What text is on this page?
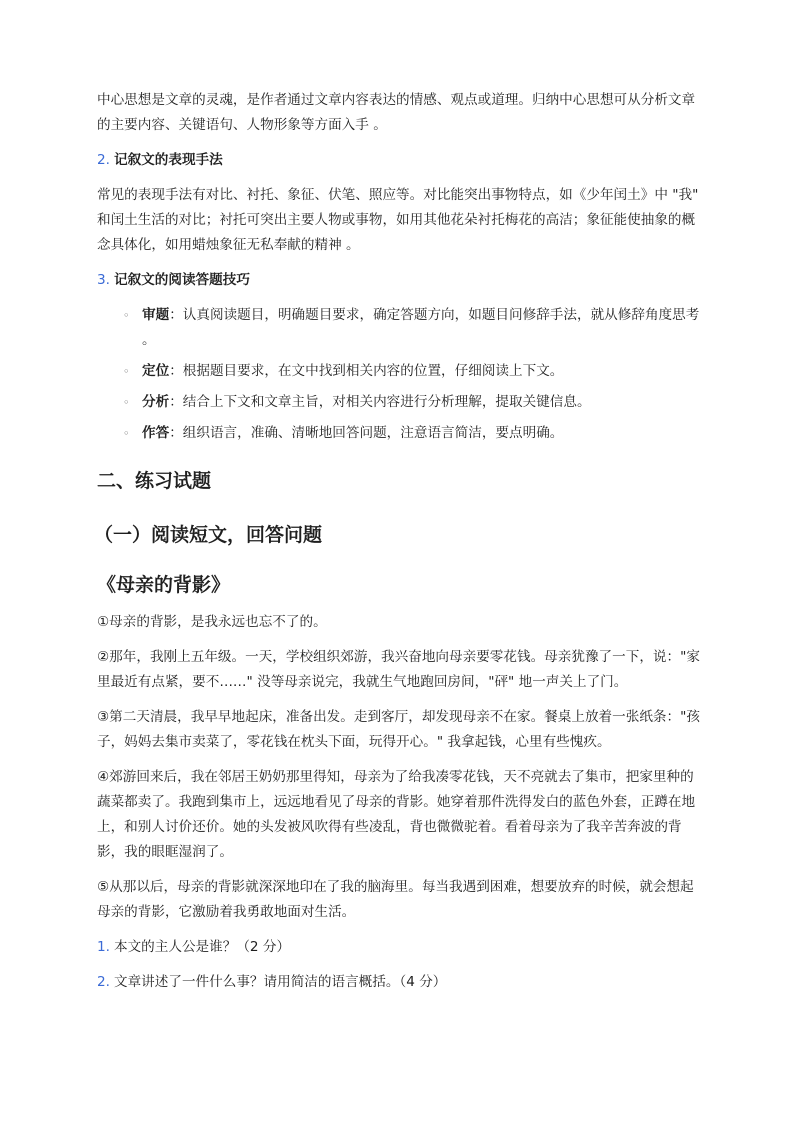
中心思想是文章的灵魂，是作者通过文章内容表达的情感、观点或道理。归纳中心思想可从分析文章的主要内容、关键语句、人物形象等方面入手 。

2. 记叙文的表现手法

常见的表现手法有对比、衬托、象征、伏笔、照应等。对比能突出事物特点，如《少年闰土》中 "我" 和闰土生活的对比；衬托可突出主要人物或事物，如用其他花朵衬托梅花的高洁；象征能使抽象的概念具体化，如用蜡烛象征无私奉献的精神 。

3. 记叙文的阅读答题技巧

◦ 审题：认真阅读题目，明确题目要求，确定答题方向，如题目问修辞手法，就从修辞角度思考 。
◦ 定位：根据题目要求，在文中找到相关内容的位置，仔细阅读上下文。
◦ 分析：结合上下文和文章主旨，对相关内容进行分析理解，提取关键信息。
◦ 作答：组织语言，准确、清晰地回答问题，注意语言简洁，要点明确。
二、练习试题
（一）阅读短文，回答问题
《母亲的背影》

①母亲的背影，是我永远也忘不了的。

②那年，我刚上五年级。一天，学校组织郊游，我兴奋地向母亲要零花钱。母亲犹豫了一下，说："家里最近有点紧，要不……" 没等母亲说完，我就生气地跑回房间，"砰" 地一声关上了门。

③第二天清晨，我早早地起床，准备出发。走到客厅，却发现母亲不在家。餐桌上放着一张纸条："孩子，妈妈去集市卖菜了，零花钱在枕头下面，玩得开心。" 我拿起钱，心里有些愧疚。

④郊游回来后，我在邻居王奶奶那里得知，母亲为了给我凑零花钱，天不亮就去了集市，把家里种的蔬菜都卖了。我跑到集市上，远远地看见了母亲的背影。她穿着那件洗得发白的蓝色外套，正蹲在地上，和别人讨价还价。她的头发被风吹得有些凌乱，背也微微驼着。看着母亲为了我辛苦奔波的背影，我的眼眶湿润了。

⑤从那以后，母亲的背影就深深地印在了我的脑海里。每当我遇到困难，想要放弃的时候，就会想起母亲的背影，它激励着我勇敢地面对生活。

1. 本文的主人公是谁？（2 分）

2. 文章讲述了一件什么事？请用简洁的语言概括。（4 分）
